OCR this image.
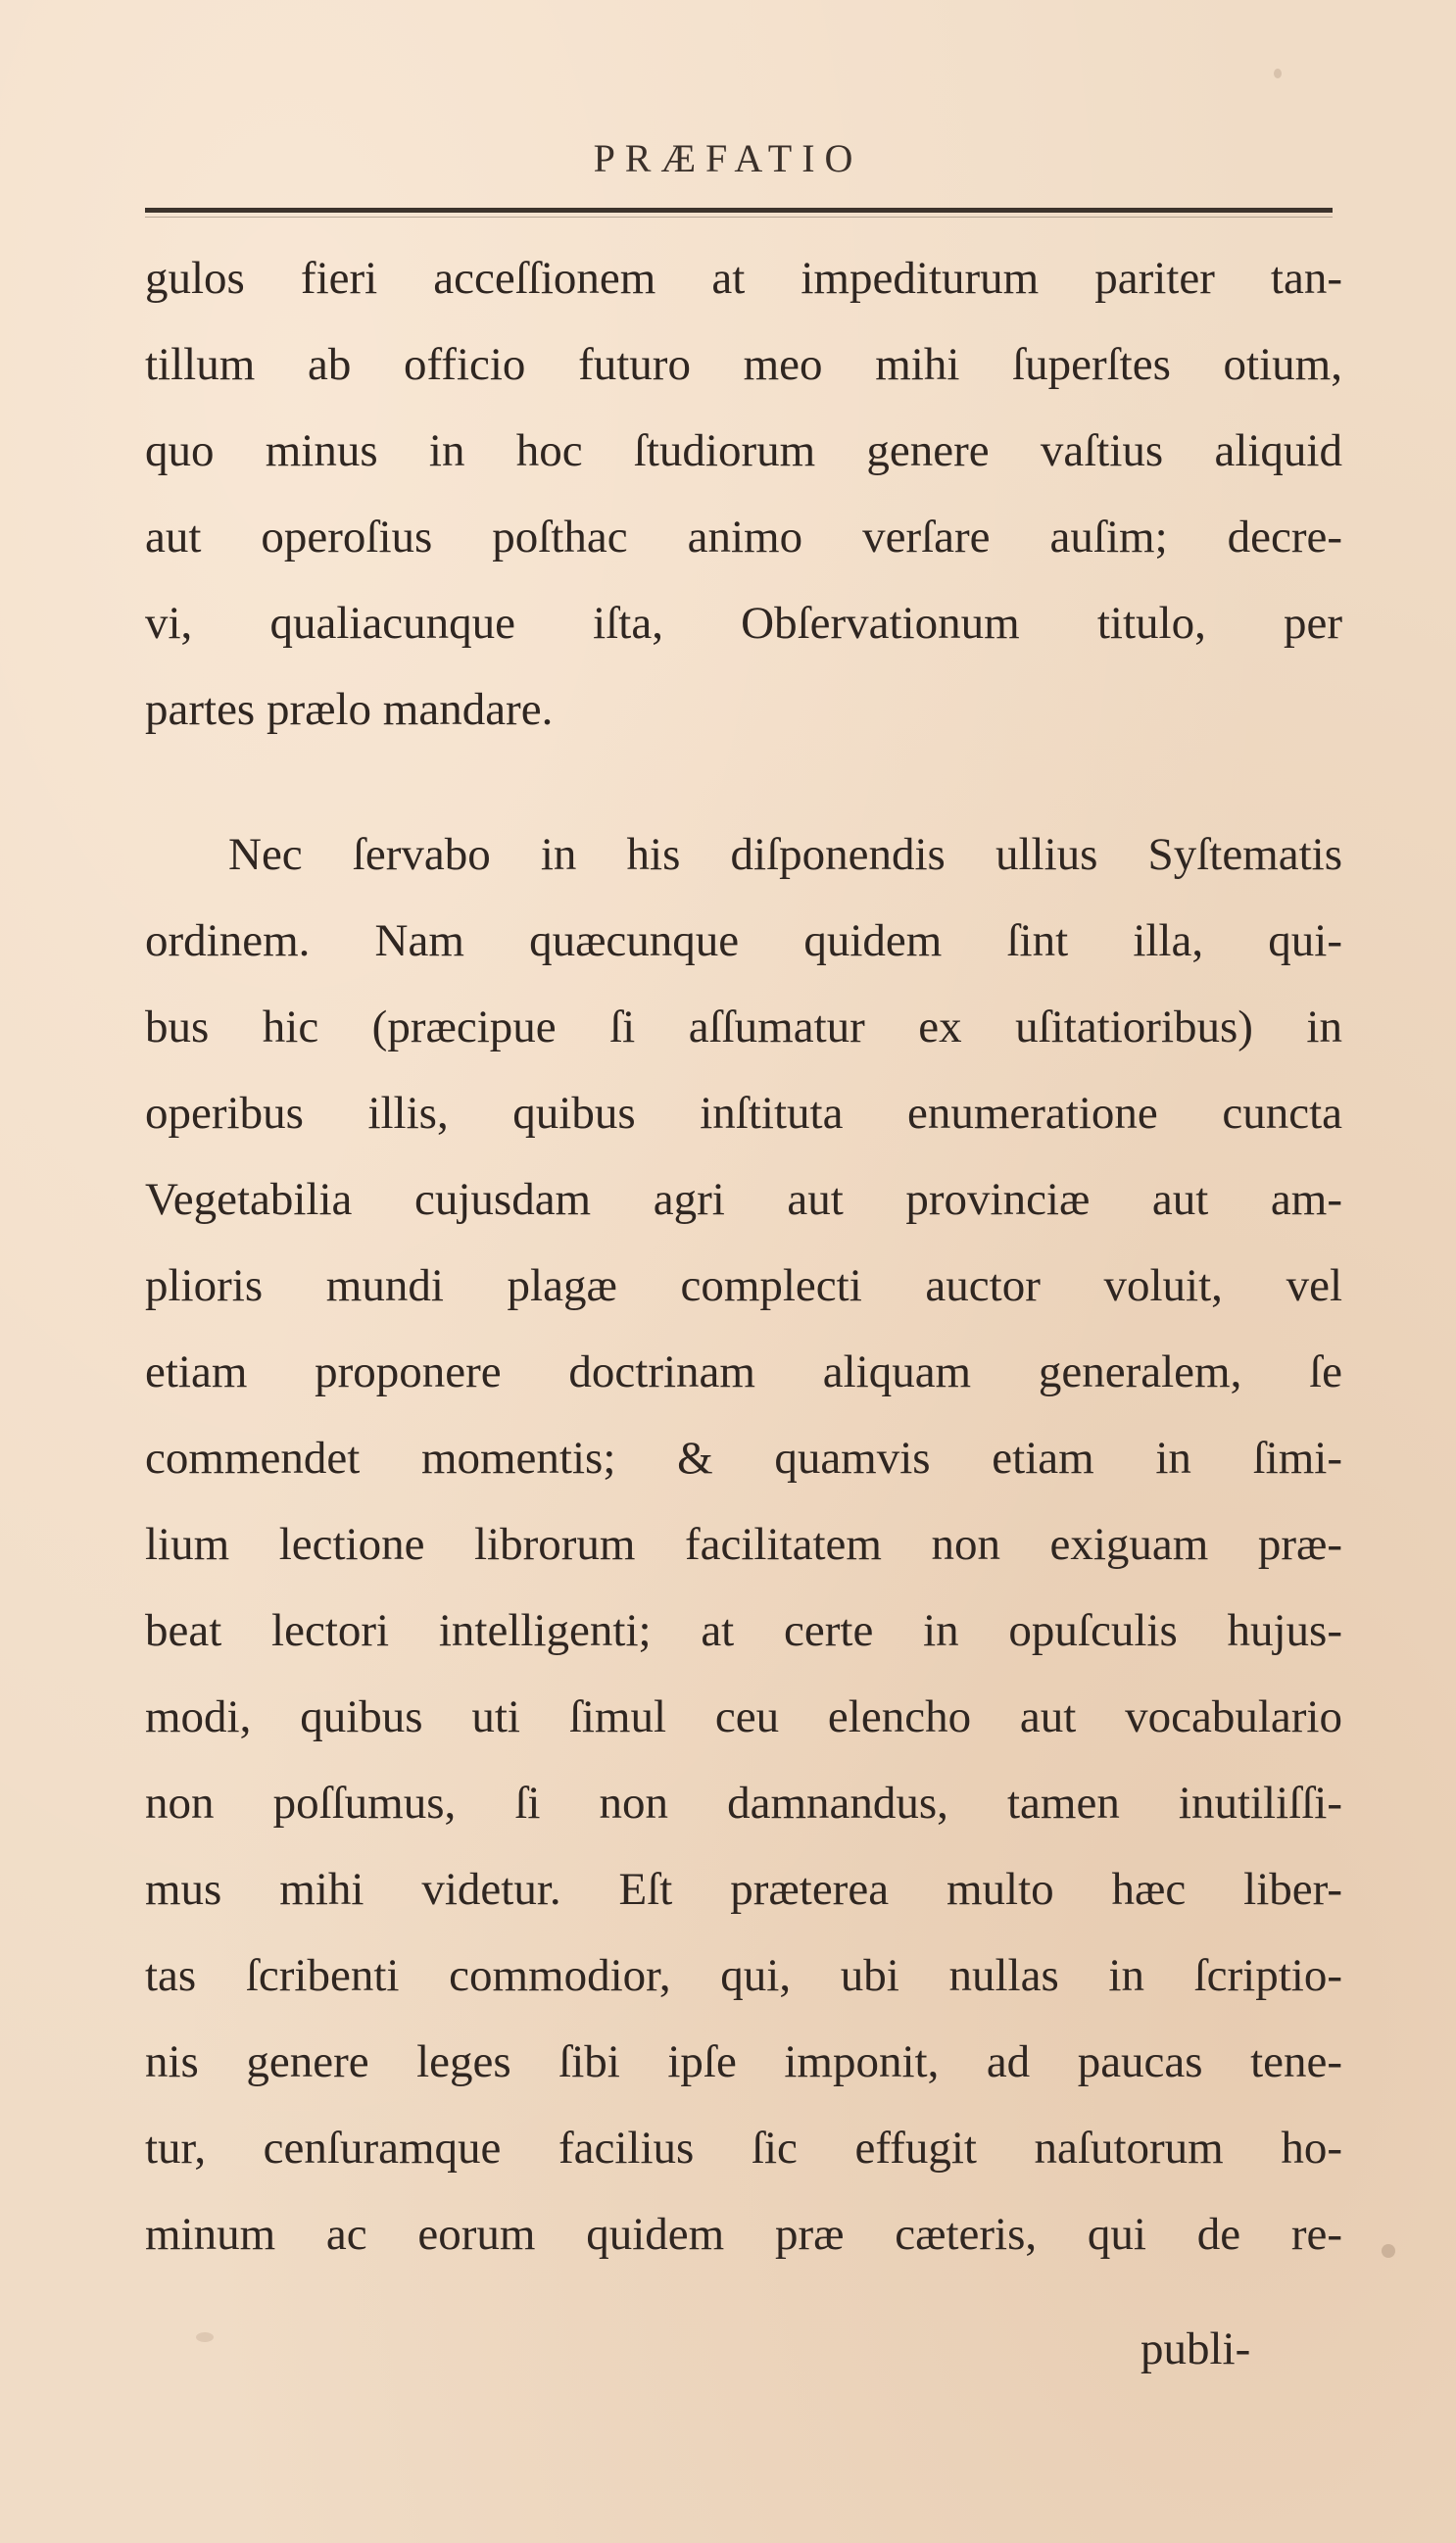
PRÆFATIO
gulos fieri acceſſionem at impediturum pariter tan-
tillum ab officio futuro meo mihi ſuperſtes otium,
quo minus in hoc ſtudiorum genere vaſtius aliquid
aut operoſius poſthac animo verſare auſim; decre-
vi, qualiacunque iſta, Obſervationum titulo, per
partes prælo mandare.
Nec ſervabo in his diſponendis ullius Syſtematis
ordinem. Nam quæcunque quidem ſint illa, qui-
bus hic (præcipue ſi aſſumatur ex uſitatioribus) in
operibus illis, quibus inſtituta enumeratione cuncta
Vegetabilia cujusdam agri aut provinciæ aut am-
plioris mundi plagæ complecti auctor voluit, vel
etiam proponere doctrinam aliquam generalem, ſe
commendet momentis; & quamvis etiam in ſimi-
lium lectione librorum facilitatem non exiguam præ-
beat lectori intelligenti; at certe in opuſculis hujus-
modi, quibus uti ſimul ceu elencho aut vocabulario
non poſſumus, ſi non damnandus, tamen inutiliſſi-
mus mihi videtur. Eſt præterea multo hæc liber-
tas ſcribenti commodior, qui, ubi nullas in ſcriptio-
nis genere leges ſibi ipſe imponit, ad paucas tene-
tur, cenſuramque facilius ſic effugit naſutorum ho-
minum ac eorum quidem præ cæteris, qui de re-
publi-
